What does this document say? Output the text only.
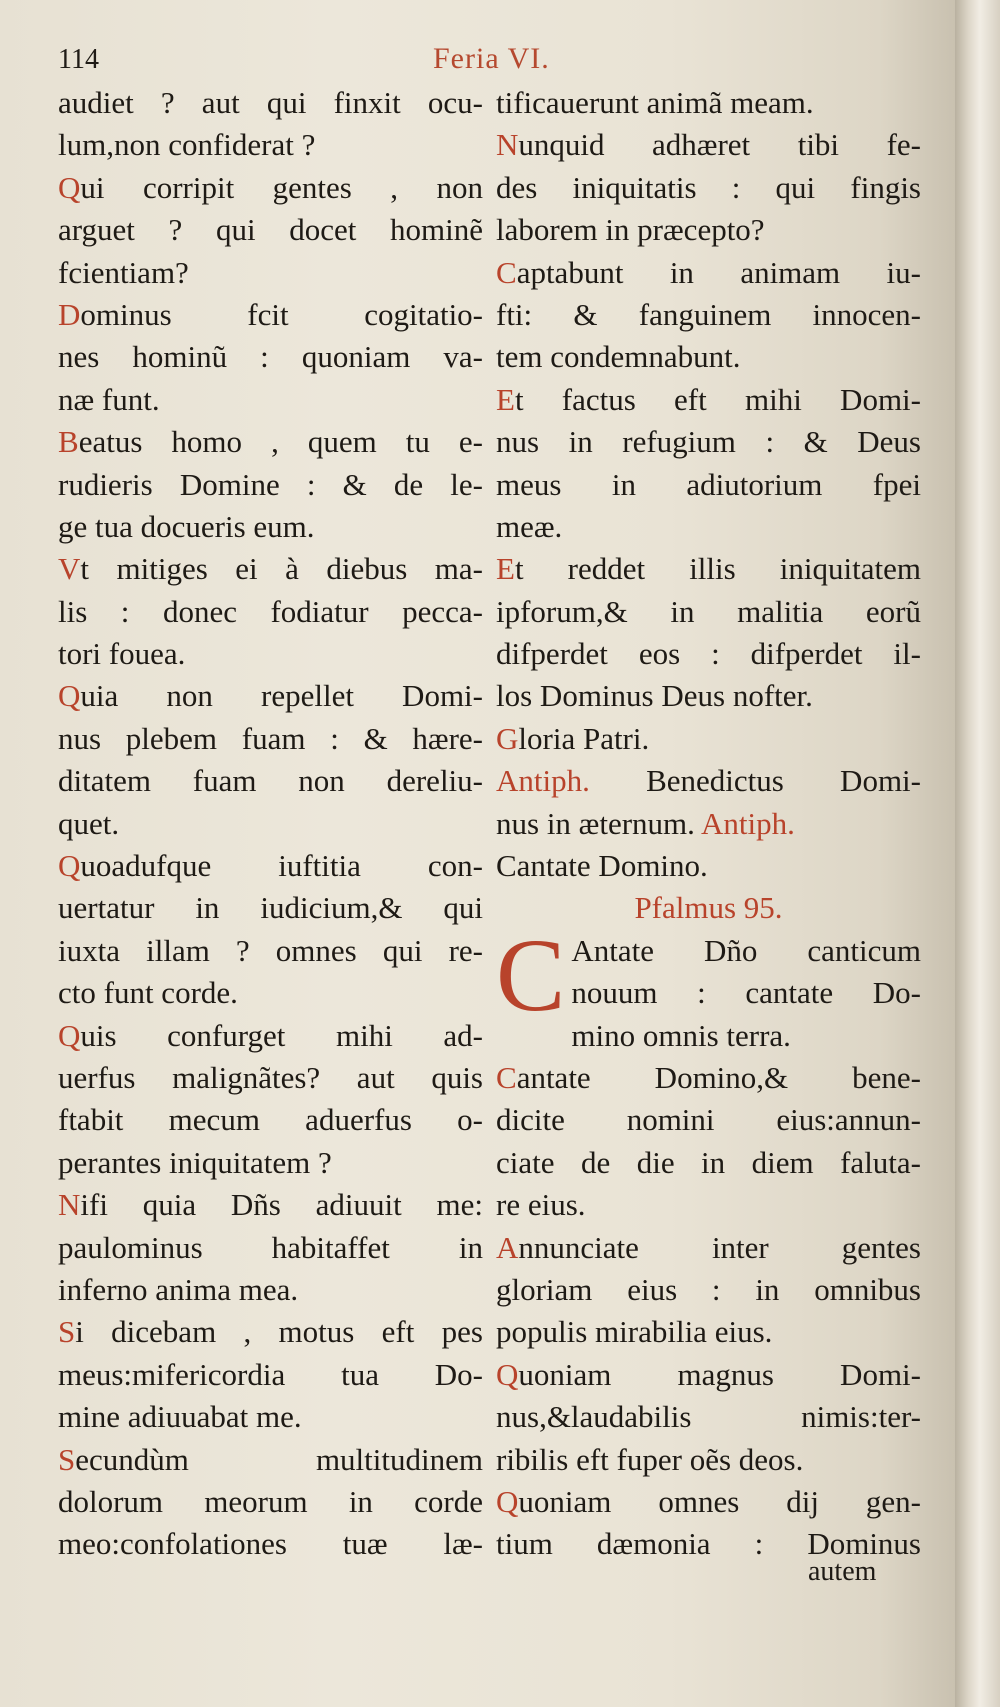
114	Feria VI.
audiet ? aut qui finxit ocu-
lum,non confiderat ?
Qui corripit gentes , non
arguet ? qui docet hominẽ
fcientiam?
Dominus fcit cogitatio-
nes hominũ : quoniam va-
næ funt.
Beatus homo , quem tu e-
rudieris Domine : & de le-
ge tua docueris eum.
Vt mitiges ei à diebus ma-
lis : donec fodiatur pecca-
tori fouea.
Quia non repellet Domi-
nus plebem fuam : & hære-
ditatem fuam non dereliu-
quet.
Quoadufque iuftitia con-
uertatur in iudicium,& qui
iuxta illam ? omnes qui re-
cto funt corde.
Quis confurget mihi ad-
uerfus malignãtes? aut quis
ftabit mecum aduerfus o-
perantes iniquitatem ?
Nifi quia Dñs adiuuit me:
paulominus habitaffet in
inferno anima mea.
Si dicebam , motus eft pes
meus:mifericordia tua Do-
mine adiuuabat me.
Secundùm multitudinem
dolorum meorum in corde
meo:confolationes tuæ læ-
tificauerunt animã meam.
Nunquid adhæret tibi fe-
des iniquitatis : qui fingis
laborem in præcepto?
Captabunt in animam iu-
fti: & fanguinem innocen-
tem condemnabunt.
Et factus eft mihi Domi-
nus in refugium : & Deus
meus in adiutorium fpei
meæ.
Et reddet illis iniquitatem
ipforum,& in malitia eorũ
difperdet eos : difperdet il-
los Dominus Deus nofter.
Gloria Patri.
Antiph. Benedictus Domi-
nus in æternum. Antiph.
Cantate Domino.
Pfalmus 95.
C Antate Dño canticum
nouum : cantate Do-
mino omnis terra.
Cantate Domino,& bene-
dicite nomini eius:annun-
ciate de die in diem faluta-
re eius.
Annunciate inter gentes
gloriam eius : in omnibus
populis mirabilia eius.
Quoniam magnus Domi-
nus,&laudabilis nimis:ter-
ribilis eft fuper oẽs deos.
Quoniam omnes dij gen-
tium dæmonia : Dominus
autem
